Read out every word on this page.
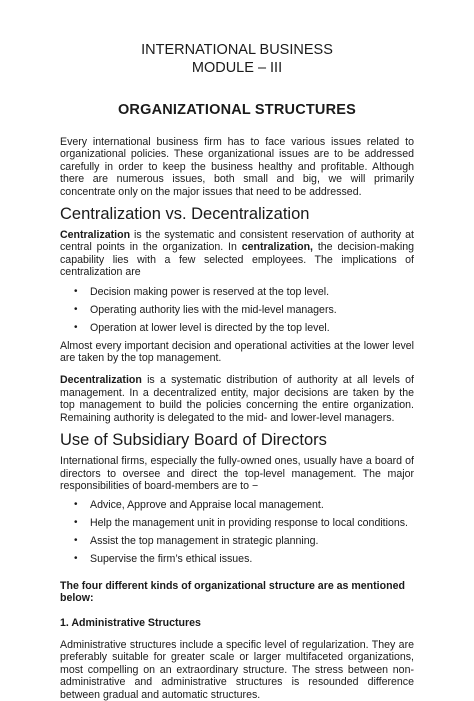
INTERNATIONAL BUSINESS
MODULE – III
ORGANIZATIONAL STRUCTURES

Every international business firm has to face various issues related to organizational policies. These organizational issues are to be addressed carefully in order to keep the business healthy and profitable. Although there are numerous issues, both small and big, we will primarily concentrate only on the major issues that need to be addressed.

Centralization vs. Decentralization

Centralization is the systematic and consistent reservation of authority at central points in the organization. In centralization, the decision-making capability lies with a few selected employees. The implications of centralization are

• Decision making power is reserved at the top level.
• Operating authority lies with the mid-level managers.
• Operation at lower level is directed by the top level.

Almost every important decision and operational activities at the lower level are taken by the top management.

Decentralization is a systematic distribution of authority at all levels of management. In a decentralized entity, major decisions are taken by the top management to build the policies concerning the entire organization. Remaining authority is delegated to the mid- and lower-level managers.

Use of Subsidiary Board of Directors

International firms, especially the fully-owned ones, usually have a board of directors to oversee and direct the top-level management. The major responsibilities of board-members are to −

• Advice, Approve and Appraise local management.
• Help the management unit in providing response to local conditions.
• Assist the top management in strategic planning.
• Supervise the firm’s ethical issues.
The four different kinds of organizational structure are as mentioned below:
1. Administrative Structures

Administrative structures include a specific level of regularization. They are preferably suitable for greater scale or larger multifaceted organizations, most compelling on an extraordinary structure. The stress between non- administrative and administrative structures is resounded difference between gradual and automatic structures.
